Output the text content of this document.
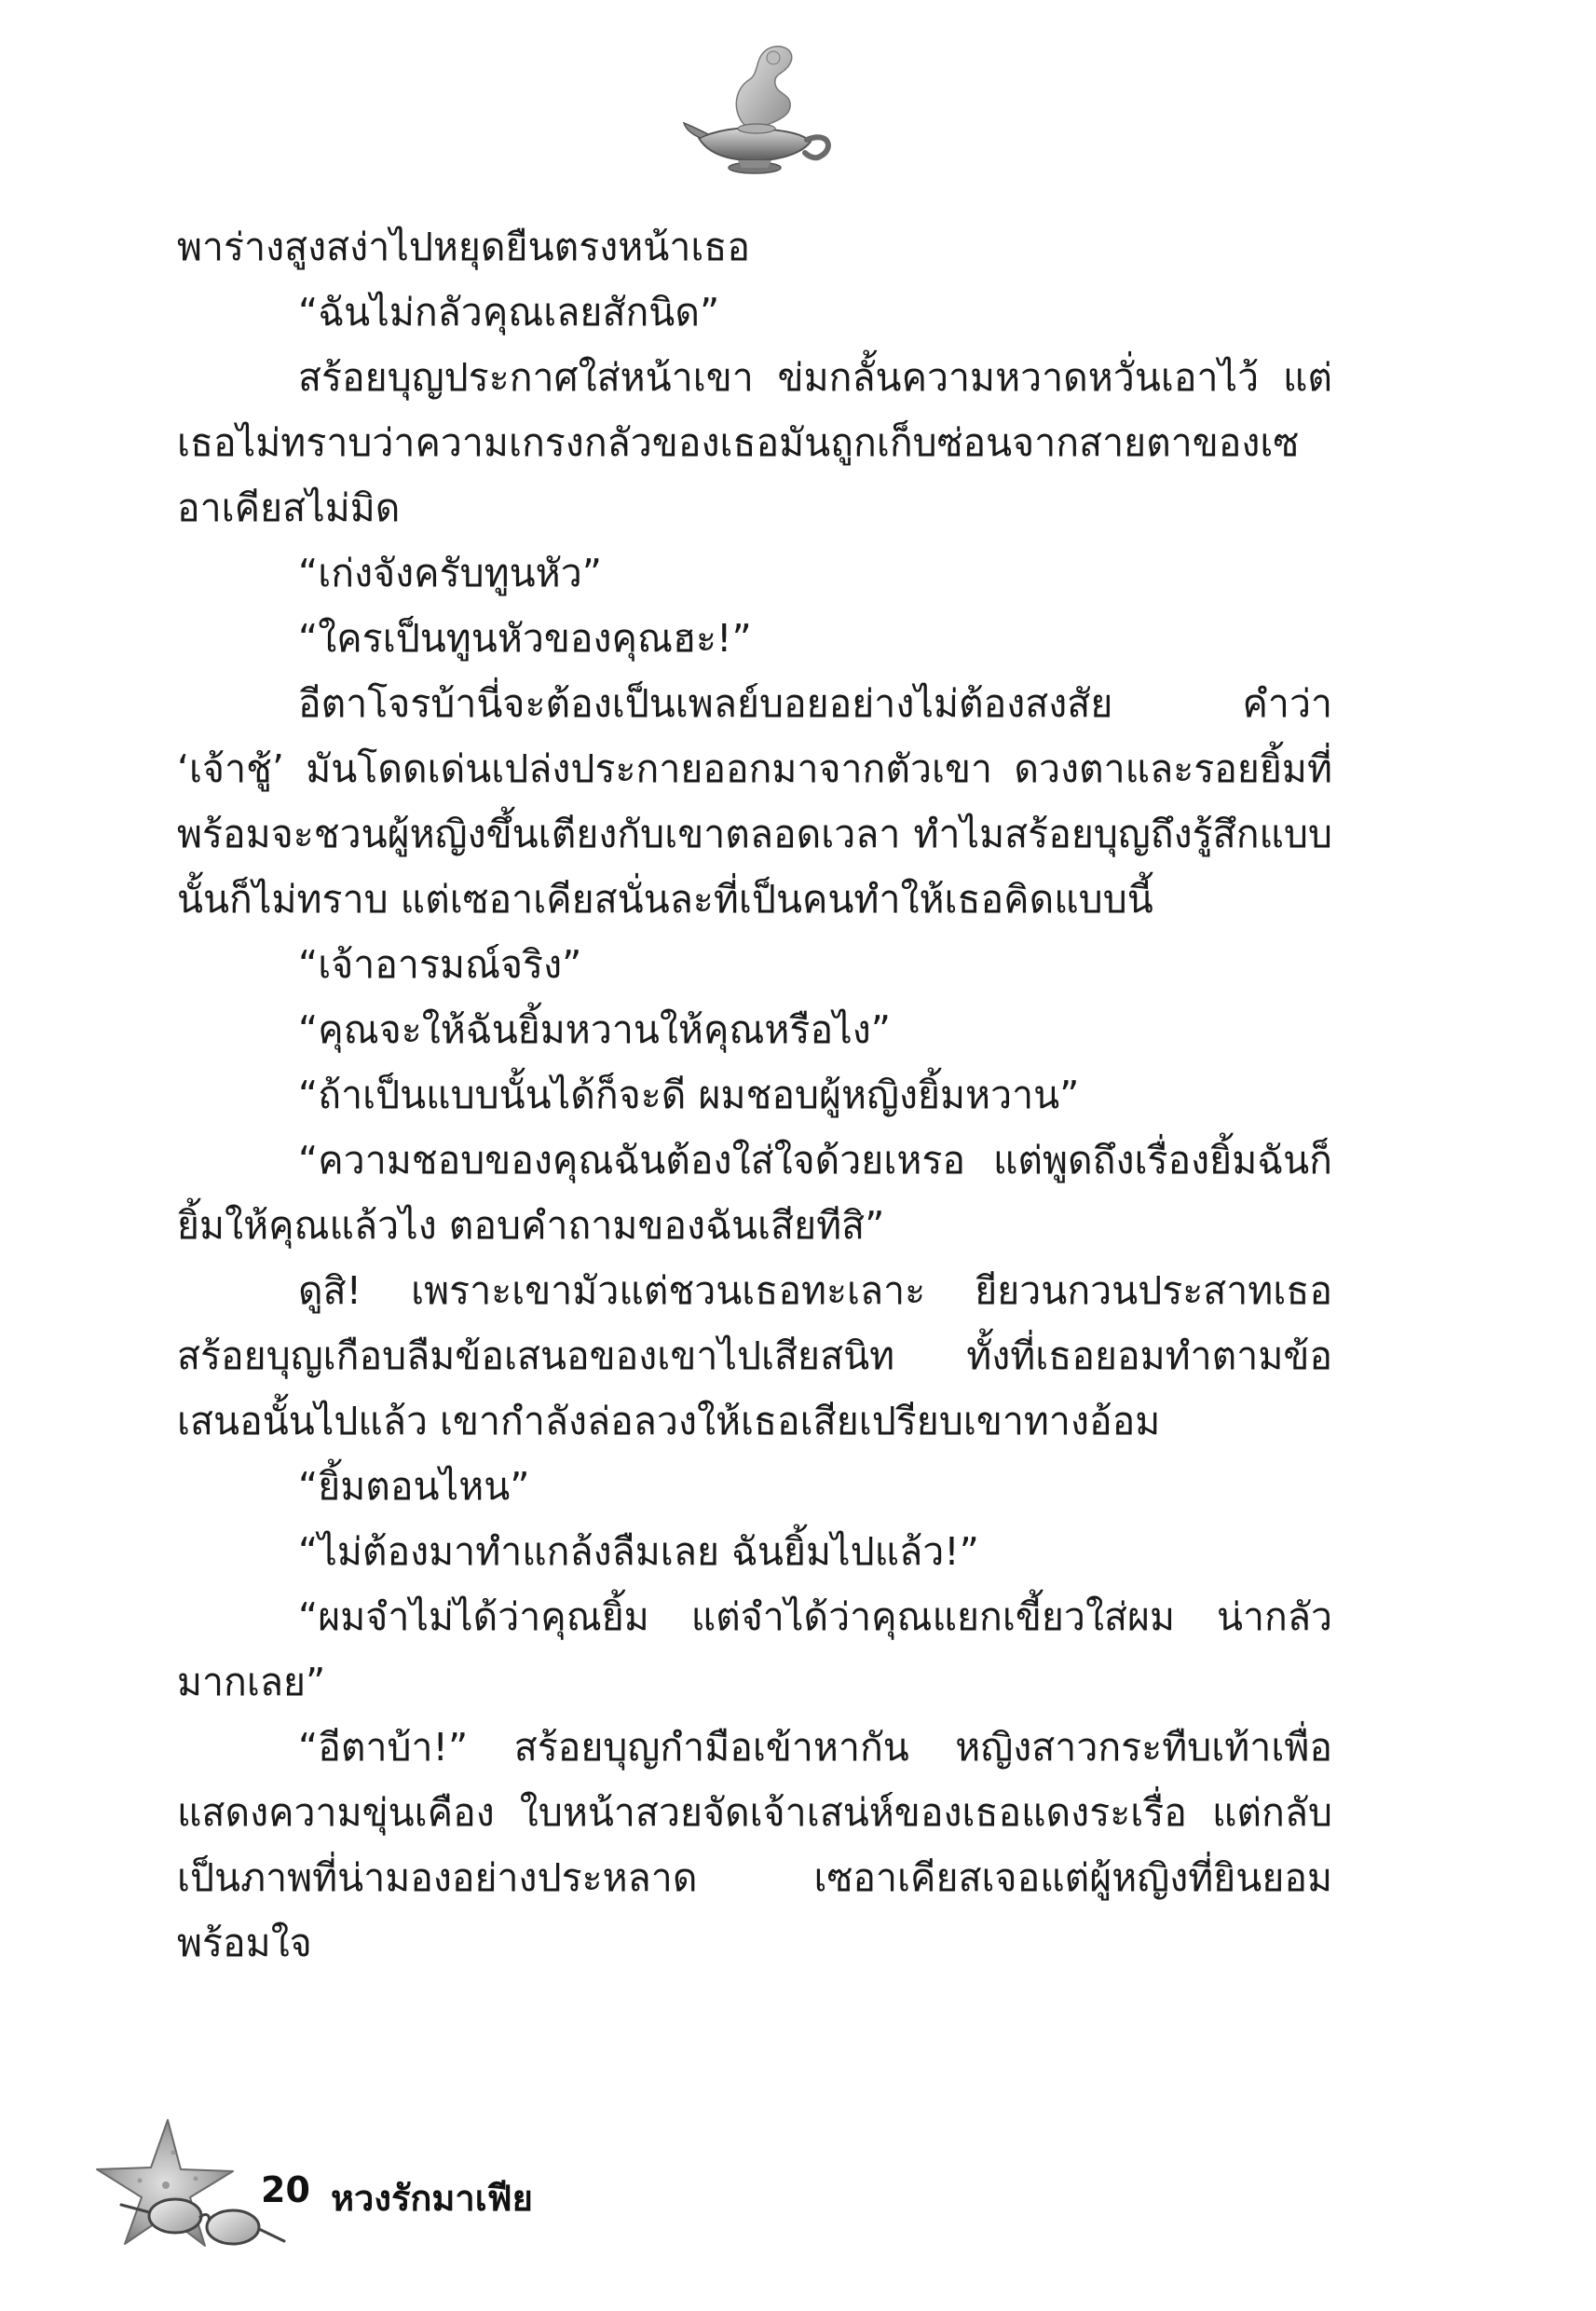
พาร่างสูงสง่าไปหยุดยืนตรงหน้าเธอ

“ฉันไม่กลัวคุณเลยสักนิด”

สร้อยบุญประกาศใส่หน้าเขา ข่มกลั้นความหวาดหวั่นเอาไว้ แต่เธอไม่ทราบว่าความเกรงกลัวของเธอมันถูกเก็บซ่อนจากสายตาของเซอาเคียสไม่มิด

“เก่งจังครับทูนหัว”

“ใครเป็นทูนหัวของคุณฮะ!”

อีตาโจรบ้านี่จะต้องเป็นเพลย์บอยอย่างไม่ต้องสงสัย คำว่า ‘เจ้าชู้’ มันโดดเด่นเปล่งประกายออกมาจากตัวเขา ดวงตาและรอยยิ้มที่พร้อมจะชวนผู้หญิงขึ้นเตียงกับเขาตลอดเวลา ทำไมสร้อยบุญถึงรู้สึกแบบนั้นก็ไม่ทราบ แต่เซอาเคียสนั่นละที่เป็นคนทำให้เธอคิดแบบนี้

“เจ้าอารมณ์จริง”

“คุณจะให้ฉันยิ้มหวานให้คุณหรือไง”

“ถ้าเป็นแบบนั้นได้ก็จะดี ผมชอบผู้หญิงยิ้มหวาน”

“ความชอบของคุณฉันต้องใส่ใจด้วยเหรอ แต่พูดถึงเรื่องยิ้มฉันก็ยิ้มให้คุณแล้วไง ตอบคำถามของฉันเสียทีสิ”

ดูสิ! เพราะเขามัวแต่ชวนเธอทะเลาะ ยียวนกวนประสาทเธอสร้อยบุญเกือบลืมข้อเสนอของเขาไปเสียสนิท ทั้งที่เธอยอมทำตามข้อเสนอนั้นไปแล้ว เขากำลังล่อลวงให้เธอเสียเปรียบเขาทางอ้อม

“ยิ้มตอนไหน”

“ไม่ต้องมาทำแกล้งลืมเลย ฉันยิ้มไปแล้ว!”

“ผมจำไม่ได้ว่าคุณยิ้ม แต่จำได้ว่าคุณแยกเขี้ยวใส่ผม น่ากลัวมากเลย”

“อีตาบ้า!” สร้อยบุญกำมือเข้าหากัน หญิงสาวกระทืบเท้าเพื่อแสดงความขุ่นเคือง ใบหน้าสวยจัดเจ้าเสน่ห์ของเธอแดงระเรื่อ แต่กลับเป็นภาพที่น่ามองอย่างประหลาด เซอาเคียสเจอแต่ผู้หญิงที่ยินยอมพร้อมใจ

20 หวงรักมาเฟีย
